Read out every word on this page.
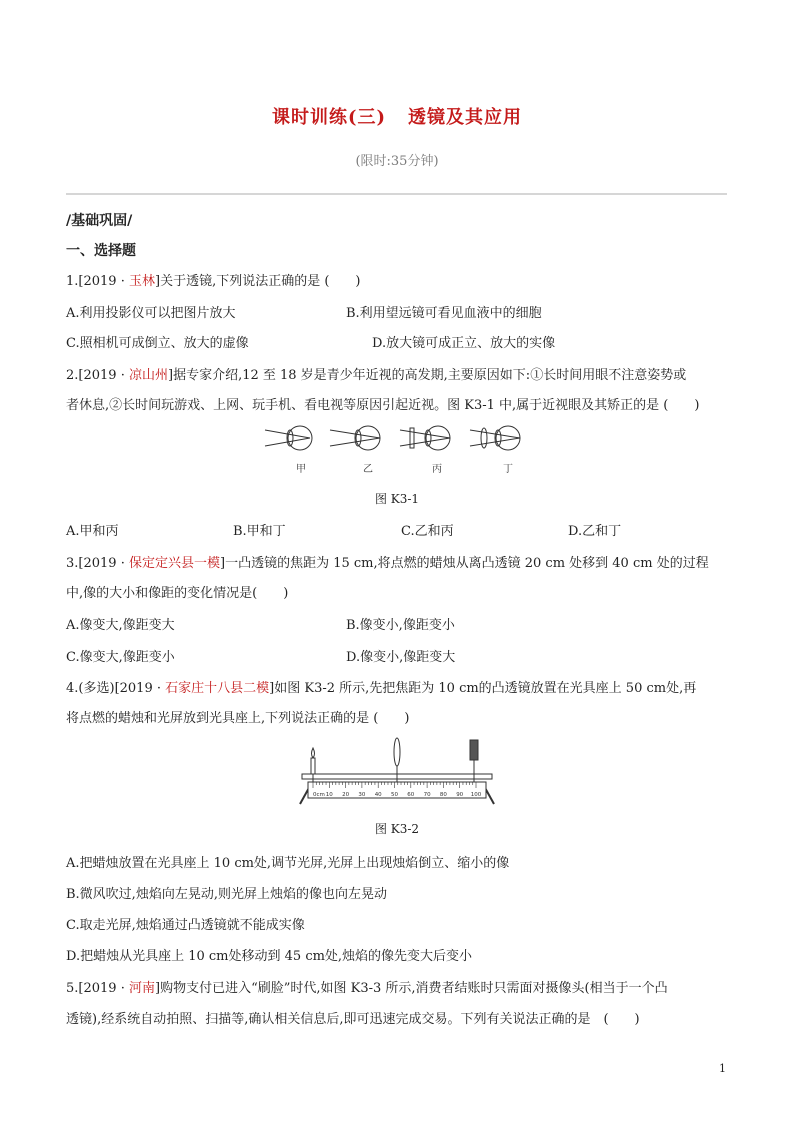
课时训练(三) 透镜及其应用
(限时:35分钟)
/基础巩固/
一、选择题
1.[2019 · 玉林]关于透镜,下列说法正确的是 (　　)
A.利用投影仪可以把图片放大	B.利用望远镜可看见血液中的细胞
C.照相机可成倒立、放大的虚像	D.放大镜可成正立、放大的实像
2.[2019 · 凉山州]据专家介绍,12 至 18 岁是青少年近视的高发期,主要原因如下:①长时间用眼不注意姿势或
者休息,②长时间玩游戏、上网、玩手机、看电视等原因引起近视。图 K3-1 中,属于近视眼及其矫正的是 (　　)
甲	乙	丙	丁
图 K3-1
A.甲和丙	B.甲和丁	C.乙和丙	D.乙和丁
3.[2019 · 保定定兴县一模]一凸透镜的焦距为 15 cm,将点燃的蜡烛从离凸透镜 20 cm 处移到 40 cm 处的过程
中,像的大小和像距的变化情况是(　　)
A.像变大,像距变大	B.像变小,像距变小
C.像变大,像距变小	D.像变小,像距变大
4.(多选)[2019 · 石家庄十八县二模]如图 K3-2 所示,先把焦距为 10 cm的凸透镜放置在光具座上 50 cm处,再
将点燃的蜡烛和光屏放到光具座上,下列说法正确的是 (　　)
0cm 10 20 30 40 50 60 70 80 90 100
图 K3-2
A.把蜡烛放置在光具座上 10 cm处,调节光屏,光屏上出现烛焰倒立、缩小的像
B.微风吹过,烛焰向左晃动,则光屏上烛焰的像也向左晃动
C.取走光屏,烛焰通过凸透镜就不能成实像
D.把蜡烛从光具座上 10 cm处移动到 45 cm处,烛焰的像先变大后变小
5.[2019 · 河南]购物支付已进入“刷脸”时代,如图 K3-3 所示,消费者结账时只需面对摄像头(相当于一个凸
透镜),经系统自动拍照、扫描等,确认相关信息后,即可迅速完成交易。下列有关说法正确的是　(　　)
1
